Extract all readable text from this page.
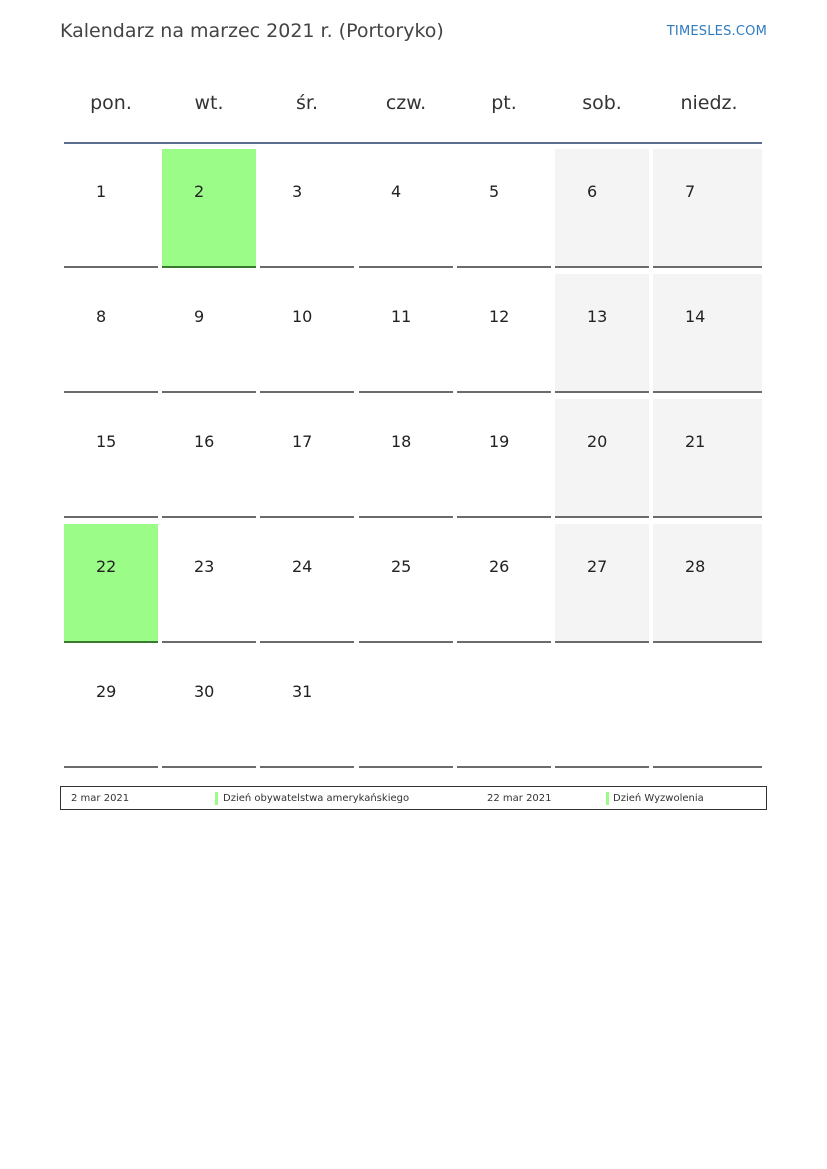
Kalendarz na marzec 2021 r. (Portoryko)	TIMESLES.COM
pon.	wt.	śr.	czw.	pt.	sob.	niedz.
1	2	3	4	5	6	7
8	9	10	11	12	13	14
15	16	17	18	19	20	21
22	23	24	25	26	27	28
29	30	31
2 mar 2021	Dzień obywatelstwa amerykańskiego	22 mar 2021	Dzień Wyzwolenia
